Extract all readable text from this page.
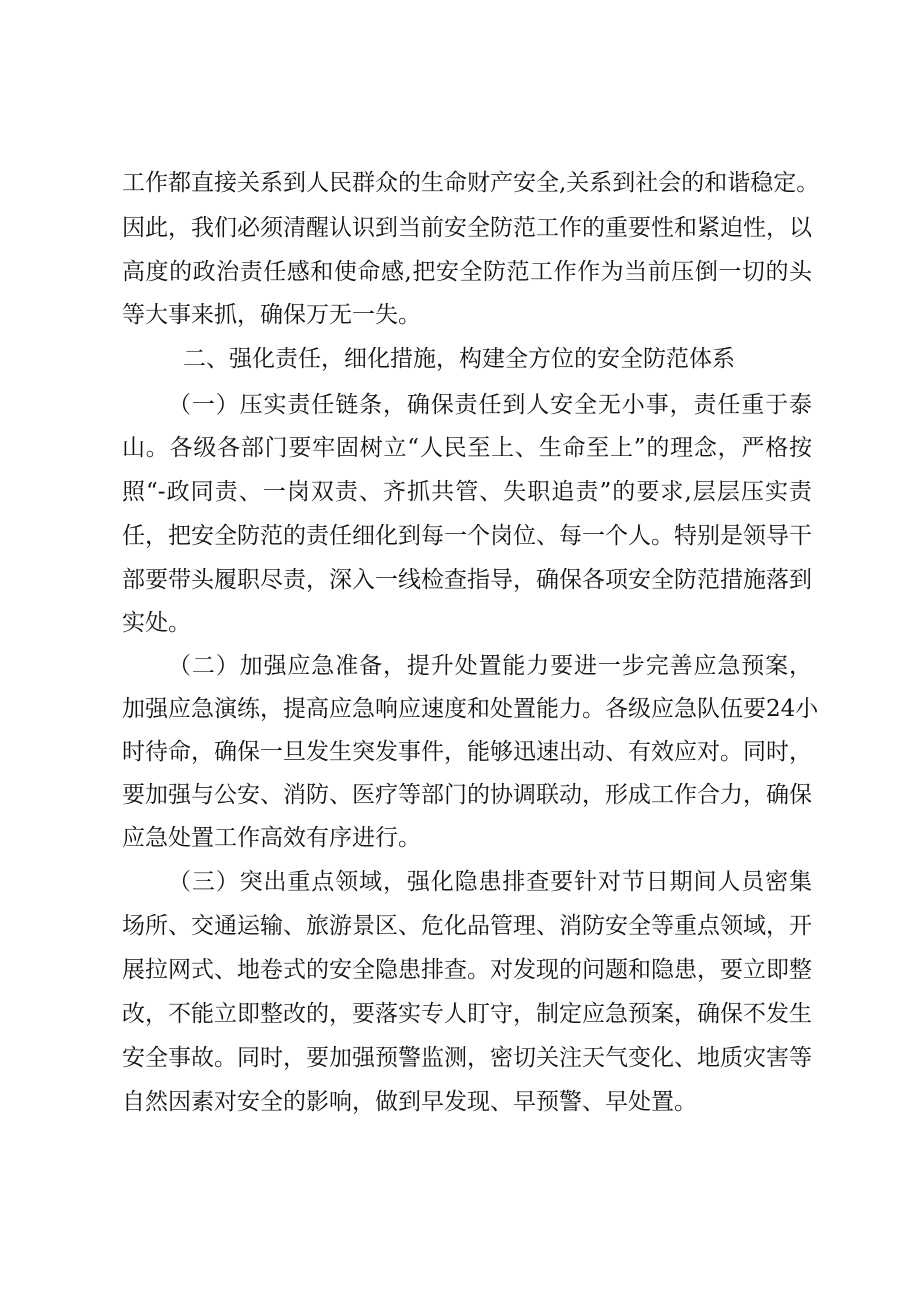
工作都直接关系到人民群众的生命财产安全,关系到社会的和谐稳定。
因此，我们必须清醒认识到当前安全防范工作的重要性和紧迫性，以
高度的政治责任感和使命感,把安全防范工作作为当前压倒一切的头
等大事来抓，确保万无一失。
二、强化责任，细化措施，构建全方位的安全防范体系
（一）压实责任链条，确保责任到人安全无小事，责任重于泰
山。各级各部门要牢固树立“人民至上、生命至上”的理念，严格按
照“-政同责、一岗双责、齐抓共管、失职追责”的要求,层层压实责
任，把安全防范的责任细化到每一个岗位、每一个人。特别是领导干
部要带头履职尽责，深入一线检查指导，确保各项安全防范措施落到
实处。
（二）加强应急准备，提升处置能力要进一步完善应急预案，
加强应急演练，提高应急响应速度和处置能力。各级应急队伍要24小
时待命，确保一旦发生突发事件，能够迅速出动、有效应对。同时，
要加强与公安、消防、医疗等部门的协调联动，形成工作合力，确保
应急处置工作高效有序进行。
（三）突出重点领域，强化隐患排查要针对节日期间人员密集
场所、交通运输、旅游景区、危化品管理、消防安全等重点领域，开
展拉网式、地卷式的安全隐患排查。对发现的问题和隐患，要立即整
改，不能立即整改的，要落实专人盯守，制定应急预案，确保不发生
安全事故。同时，要加强预警监测，密切关注天气变化、地质灾害等
自然因素对安全的影响，做到早发现、早预警、早处置。
